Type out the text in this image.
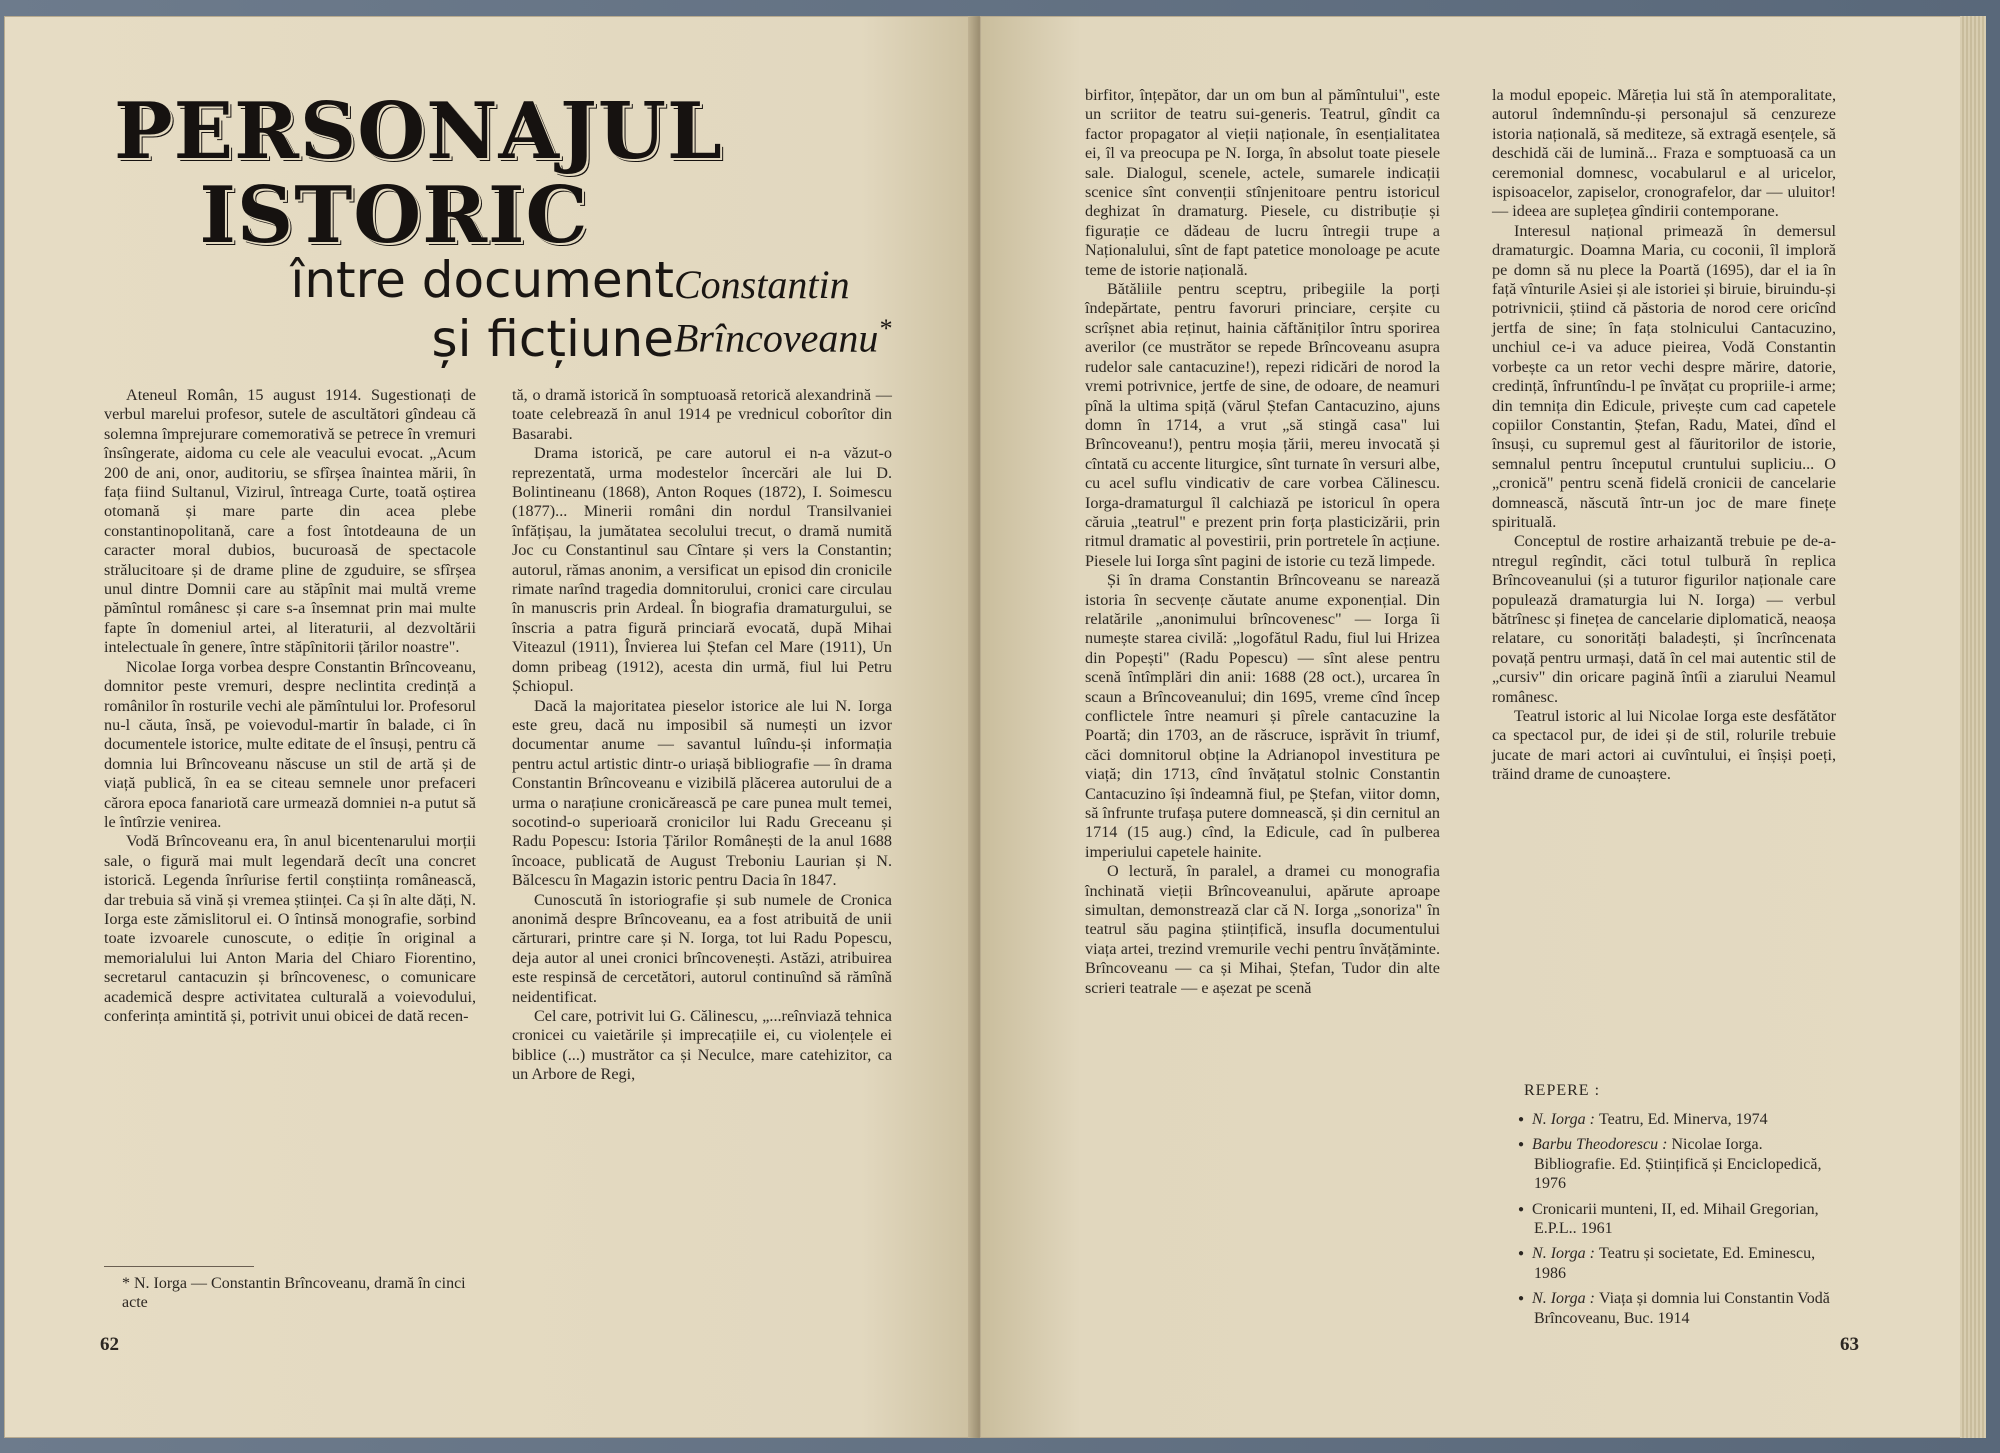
PERSONAJUL ISTORIC
între document
și ficțiune
Constantin
Brîncoveanu*

Ateneul Român, 15 august 1914. Sugestionați de verbul marelui profesor, sutele de ascultători gîndeau că solemna împrejurare comemorativă se petrece în vremuri însîngerate, aidoma cu cele ale veacului evocat. „Acum 200 de ani, onor, auditoriu, se sfîrșea înaintea mării, în fața fiind Sultanul, Vizirul, întreaga Curte, toată oștirea otomană și mare parte din acea plebe constantinopolitană, care a fost întotdeauna de un caracter moral dubios, bucuroasă de spectacole strălucitoare și de drame pline de zguduire, se sfîrșea unul dintre Domnii care au stăpînit mai multă vreme pămîntul românesc și care s-a însemnat prin mai multe fapte în domeniul artei, al literaturii, al dezvoltării intelectuale în genere, între stăpînitorii țărilor noastre".

Nicolae Iorga vorbea despre Constantin Brîncoveanu, domnitor peste vremuri, despre neclintita credință a românilor în rosturile vechi ale pămîntului lor. Profesorul nu-l căuta, însă, pe voievodul-martir în balade, ci în documentele istorice, multe editate de el însuși, pentru că domnia lui Brîncoveanu născuse un stil de artă și de viață publică, în ea se citeau semnele unor prefaceri cărora epoca fanariotă care urmează domniei n-a putut să le întîrzie venirea.

Vodă Brîncoveanu era, în anul bicentenarului morții sale, o figură mai mult legendară decît una concret istorică. Legenda înrîurise fertil conștiința românească, dar trebuia să vină și vremea științei. Ca și în alte dăți, N. Iorga este zămislitorul ei. O întinsă monografie, sorbind toate izvoarele cunoscute, o ediție în original a memorialului lui Anton Maria del Chiaro Fiorentino, secretarul cantacuzin și brîncovenesc, o comunicare academică despre activitatea culturală a voievodului, conferința amintită și, potrivit unui obicei de dată recen-

tă, o dramă istorică în somptuoasă retorică alexandrină — toate celebrează în anul 1914 pe vrednicul coborîtor din Basarabi.

Drama istorică, pe care autorul ei n-a văzut-o reprezentată, urma modestelor încercări ale lui D. Bolintineanu (1868), Anton Roques (1872), I. Soimescu (1877)... Minerii români din nordul Transilvaniei înfățișau, la jumătatea secolului trecut, o dramă numită Joc cu Constantinul sau Cîntare și vers la Constantin; autorul, rămas anonim, a versificat un episod din cronicile rimate narînd tragedia domnitorului, cronici care circulau în manuscris prin Ardeal. În biografia dramaturgului, se înscria a patra figură princiară evocată, după Mihai Viteazul (1911), Învierea lui Ștefan cel Mare (1911), Un domn pribeag (1912), acesta din urmă, fiul lui Petru Șchiopul.

Dacă la majoritatea pieselor istorice ale lui N. Iorga este greu, dacă nu imposibil să numești un izvor documentar anume — savantul luîndu-și informația pentru actul artistic dintr-o uriașă bibliografie — în drama Constantin Brîncoveanu e vizibilă plăcerea autorului de a urma o narațiune cronicărească pe care punea mult temei, socotind-o superioară cronicilor lui Radu Greceanu și Radu Popescu: Istoria Țărilor Românești de la anul 1688 încoace, publicată de August Treboniu Laurian și N. Bălcescu în Magazin istoric pentru Dacia în 1847.

Cunoscută în istoriografie și sub numele de Cronica anonimă despre Brîncoveanu, ea a fost atribuită de unii cărturari, printre care și N. Iorga, tot lui Radu Popescu, deja autor al unei cronici brîncovenești. Astăzi, atribuirea este respinsă de cercetători, autorul continuînd să rămînă neidentificat.

Cel care, potrivit lui G. Călinescu, „...reînviază tehnica cronicei cu vaietările și imprecațiile ei, cu violențele ei biblice (...) mustrător ca și Neculce, mare catehizitor, ca un Arbore de Regi,

* N. Iorga — Constantin Brîncoveanu, dramă în cinci acte
62

birfitor, înțepător, dar un om bun al pămîntului", este un scriitor de teatru sui-generis. Teatrul, gîndit ca factor propagator al vieții naționale, în esențialitatea ei, îl va preocupa pe N. Iorga, în absolut toate piesele sale. Dialogul, scenele, actele, sumarele indicații scenice sînt convenții stînjenitoare pentru istoricul deghizat în dramaturg. Piesele, cu distribuție și figurație ce dădeau de lucru întregii trupe a Naționalului, sînt de fapt patetice monoloage pe acute teme de istorie națională.

Bătăliile pentru sceptru, pribegiile la porți îndepărtate, pentru favoruri princiare, cerșite cu scrîșnet abia reținut, hainia căftăniților întru sporirea averilor (ce mustrător se repede Brîncoveanu asupra rudelor sale cantacuzine!), repezi ridicări de norod la vremi potrivnice, jertfe de sine, de odoare, de neamuri pînă la ultima spiță (vărul Ștefan Cantacuzino, ajuns domn în 1714, a vrut „să stingă casa" lui Brîncoveanu!), pentru moșia țării, mereu invocată și cîntată cu accente liturgice, sînt turnate în versuri albe, cu acel suflu vindicativ de care vorbea Călinescu. Iorga-dramaturgul îl calchiază pe istoricul în opera căruia „teatrul" e prezent prin forța plasticizării, prin ritmul dramatic al povestirii, prin portretele în acțiune. Piesele lui Iorga sînt pagini de istorie cu teză limpede.

Și în drama Constantin Brîncoveanu se narează istoria în secvențe căutate anume exponențial. Din relatările „anonimului brîncovenesc" — Iorga îi numește starea civilă: „logofătul Radu, fiul lui Hrizea din Popești" (Radu Popescu) — sînt alese pentru scenă întîmplări din anii: 1688 (28 oct.), urcarea în scaun a Brîncoveanului; din 1695, vreme cînd încep conflictele între neamuri și pîrele cantacuzine la Poartă; din 1703, an de răscruce, isprăvit în triumf, căci domnitorul obține la Adrianopol investitura pe viață; din 1713, cînd învățatul stolnic Constantin Cantacuzino își îndeamnă fiul, pe Ștefan, viitor domn, să înfrunte trufașa putere domnească, și din cernitul an 1714 (15 aug.) cînd, la Edicule, cad în pulberea imperiului capetele hainite.

O lectură, în paralel, a dramei cu monografia închinată vieții Brîncoveanului, apărute aproape simultan, demonstrează clar că N. Iorga „sonoriza" în teatrul său pagina științifică, insufla documentului viața artei, trezind vremurile vechi pentru învățăminte. Brîncoveanu — ca și Mihai, Ștefan, Tudor din alte scrieri teatrale — e așezat pe scenă

la modul epopeic. Măreția lui stă în atemporalitate, autorul îndemnîndu-și personajul să cenzureze istoria națională, să mediteze, să extragă esențele, să deschidă căi de lumină... Fraza e somptuoasă ca un ceremonial domnesc, vocabularul e al uricelor, ispisoacelor, zapiselor, cronografelor, dar — uluitor! — ideea are suplețea gîndirii contemporane.

Interesul național primează în demersul dramaturgic. Doamna Maria, cu coconii, îl imploră pe domn să nu plece la Poartă (1695), dar el ia în față vînturile Asiei și ale istoriei și biruie, biruindu-și potrivnicii, știind că păstoria de norod cere oricînd jertfa de sine; în fața stolnicului Cantacuzino, unchiul ce-i va aduce pieirea, Vodă Constantin vorbește ca un retor vechi despre mărire, datorie, credință, înfruntîndu-l pe învățat cu propriile-i arme; din temnița din Edicule, privește cum cad capetele copiilor Constantin, Ștefan, Radu, Matei, dînd el însuși, cu supremul gest al făuritorilor de istorie, semnalul pentru începutul cruntului supliciu... O „cronică" pentru scenă fidelă cronicii de cancelarie domnească, născută într-un joc de mare finețe spirituală.

Conceptul de rostire arhaizantă trebuie pe de-a-ntregul regîndit, căci totul tulbură în replica Brîncoveanului (și a tuturor figurilor naționale care populează dramaturgia lui N. Iorga) — verbul bătrînesc și finețea de cancelarie diplomatică, neaoșa relatare, cu sonorități baladești, și încrîncenata povață pentru urmași, dată în cel mai autentic stil de „cursiv" din oricare pagină întîi a ziarului Neamul românesc.

Teatrul istoric al lui Nicolae Iorga este desfătător ca spectacol pur, de idei și de stil, rolurile trebuie jucate de mari actori ai cuvîntului, ei înșiși poeți, trăind drame de cunoaștere.

REPERE :
● N. Iorga : Teatru, Ed. Minerva, 1974
● Barbu Theodorescu : Nicolae Iorga. Bibliografie. Ed. Științifică și Enciclopedică, 1976
● Cronicarii munteni, II, ed. Mihail Gregorian, E.P.L.. 1961
● N. Iorga : Teatru și societate, Ed. Eminescu, 1986
● N. Iorga : Viața și domnia lui Constantin Vodă Brîncoveanu, Buc. 1914
63
